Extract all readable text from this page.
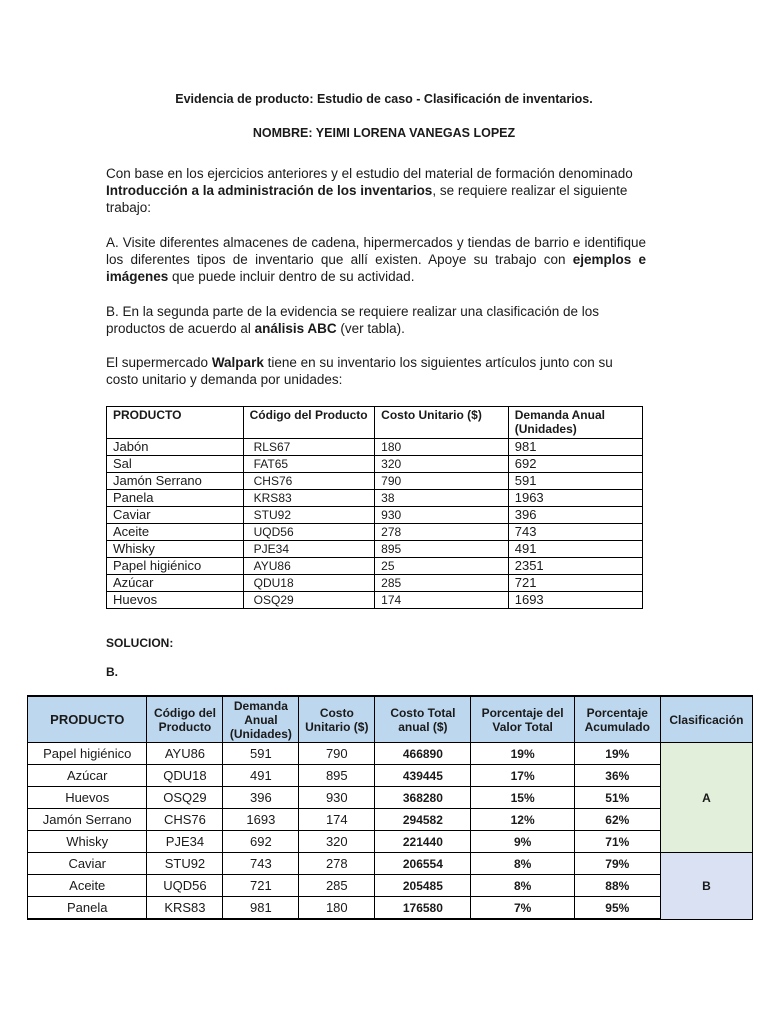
Evidencia de producto: Estudio de caso - Clasificación de inventarios.
NOMBRE: YEIMI LORENA VANEGAS LOPEZ
Con base en los ejercicios anteriores y el estudio del material de formación denominado Introducción a la administración de los inventarios, se requiere realizar el siguiente trabajo:
A. Visite diferentes almacenes de cadena, hipermercados y tiendas de barrio e identifique los diferentes tipos de inventario que allí existen. Apoye su trabajo con ejemplos e imágenes que puede incluir dentro de su actividad.
B. En la segunda parte de la evidencia se requiere realizar una clasificación de los productos de acuerdo al análisis ABC (ver tabla).
El supermercado Walpark tiene en su inventario los siguientes artículos junto con su costo unitario y demanda por unidades:
PRODUCTO	Código del Producto	Costo Unitario ($)	Demanda Anual (Unidades)
Jabón	RLS67	180	981
Sal	FAT65	320	692
Jamón Serrano	CHS76	790	591
Panela	KRS83	38	1963
Caviar	STU92	930	396
Aceite	UQD56	278	743
Whisky	PJE34	895	491
Papel higiénico	AYU86	25	2351
Azúcar	QDU18	285	721
Huevos	OSQ29	174	1693
SOLUCION:
B.
PRODUCTO	Código del Producto	Demanda Anual (Unidades)	Costo Unitario ($)	Costo Total anual ($)	Porcentaje del Valor Total	Porcentaje Acumulado	Clasificación
Papel higiénico	AYU86	591	790	466890	19%	19%	A
Azúcar	QDU18	491	895	439445	17%	36%	
Huevos	OSQ29	396	930	368280	15%	51%	
Jamón Serrano	CHS76	1693	174	294582	12%	62%	
Whisky	PJE34	692	320	221440	9%	71%	
Caviar	STU92	743	278	206554	8%	79%	B
Aceite	UQD56	721	285	205485	8%	88%	
Panela	KRS83	981	180	176580	7%	95%	
